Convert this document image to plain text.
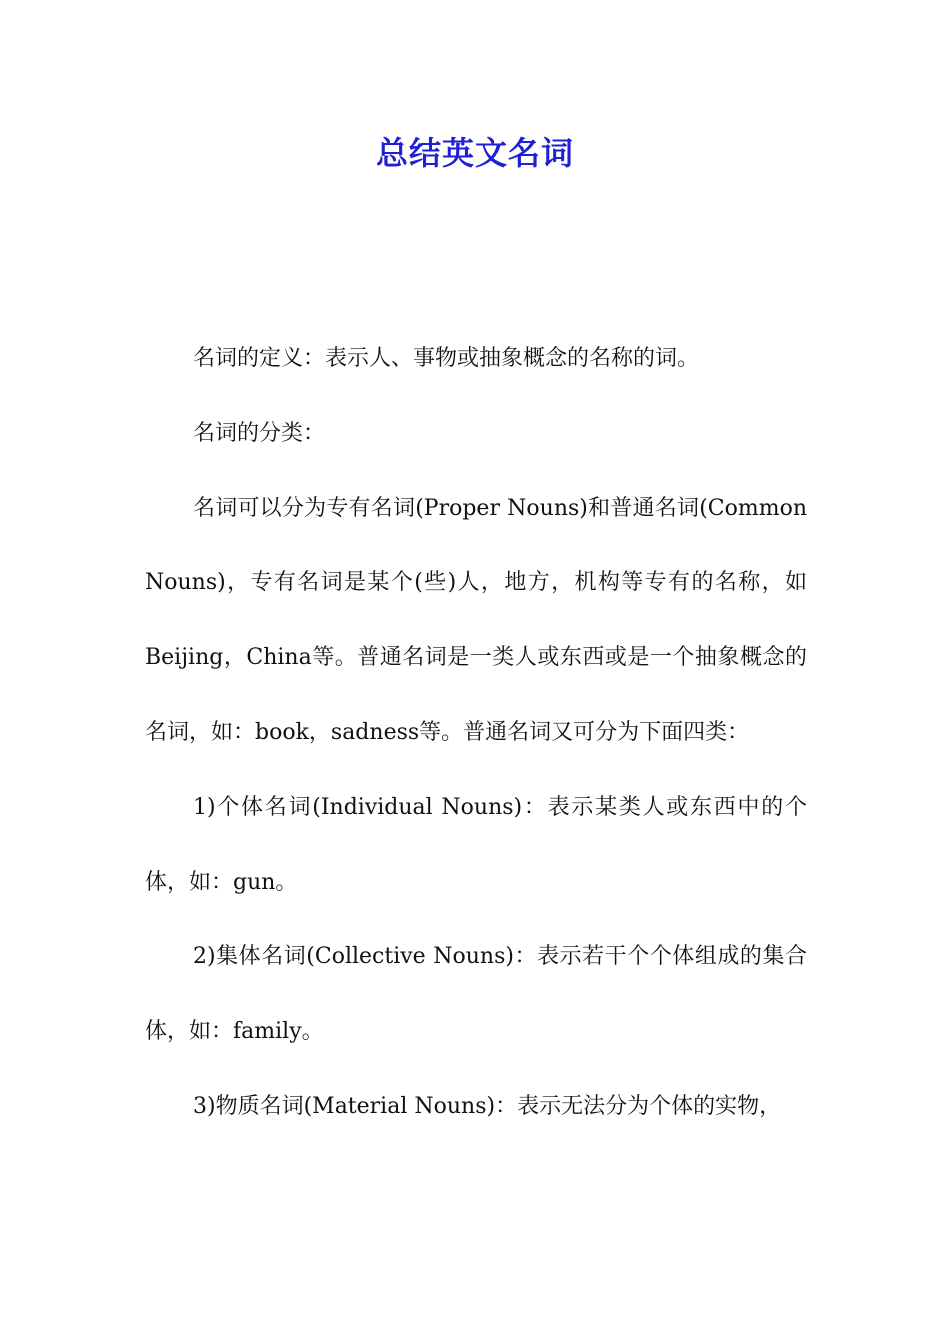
总结英文名词

名词的定义：表示人、事物或抽象概念的名称的词。

名词的分类：

名词可以分为专有名词(Proper Nouns)和普通名词(Common Nouns)，专有名词是某个(些)人，地方，机构等专有的名称，如Beijing，China等。普通名词是一类人或东西或是一个抽象概念的名词，如：book，sadness等。普通名词又可分为下面四类：

1)个体名词(Individual Nouns)：表示某类人或东西中的个体，如：gun。

2)集体名词(Collective Nouns)：表示若干个个体组成的集合体，如：family。

3)物质名词(Material Nouns)：表示无法分为个体的实物，
